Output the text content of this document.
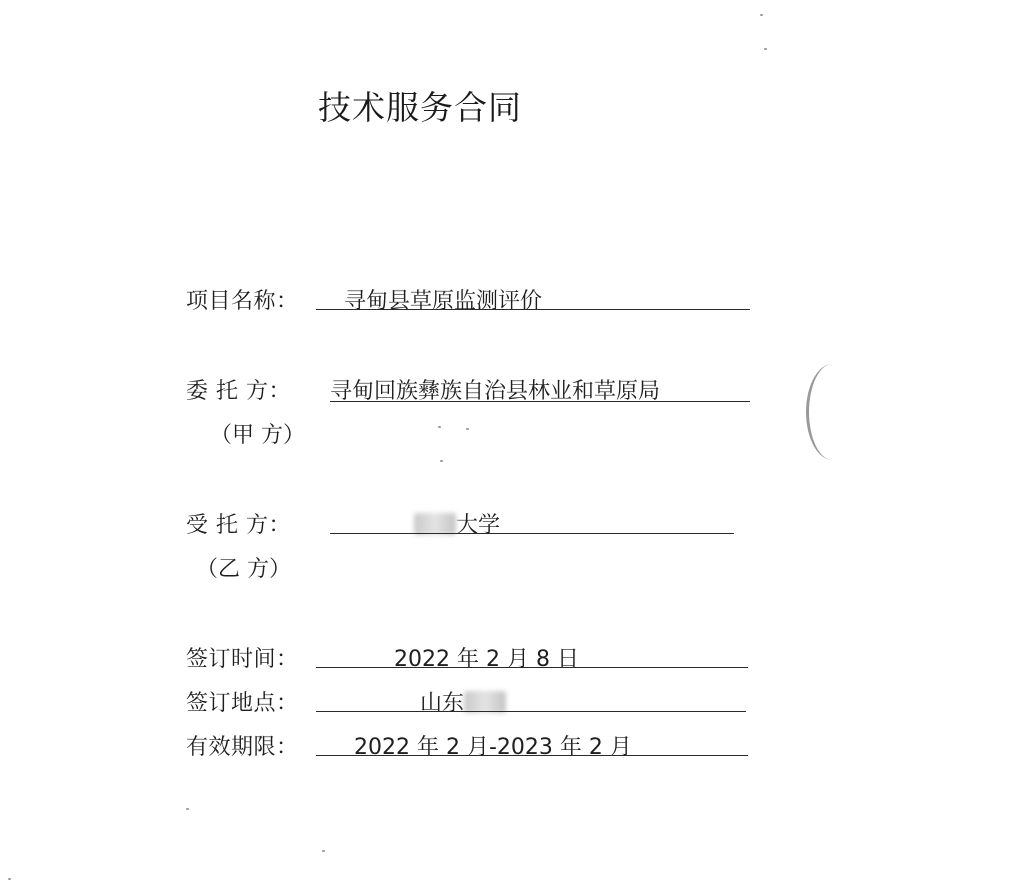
技术服务合同
项目名称： 寻甸县草原监测评价
委 托 方： 寻甸回族彝族自治县林业和草原局
（甲 方）
受 托 方：	大学
（乙 方）
签订时间：	2022 年 2 月 8 日
签订地点：	山东
有效期限：	2022 年 2 月-2023 年 2 月
